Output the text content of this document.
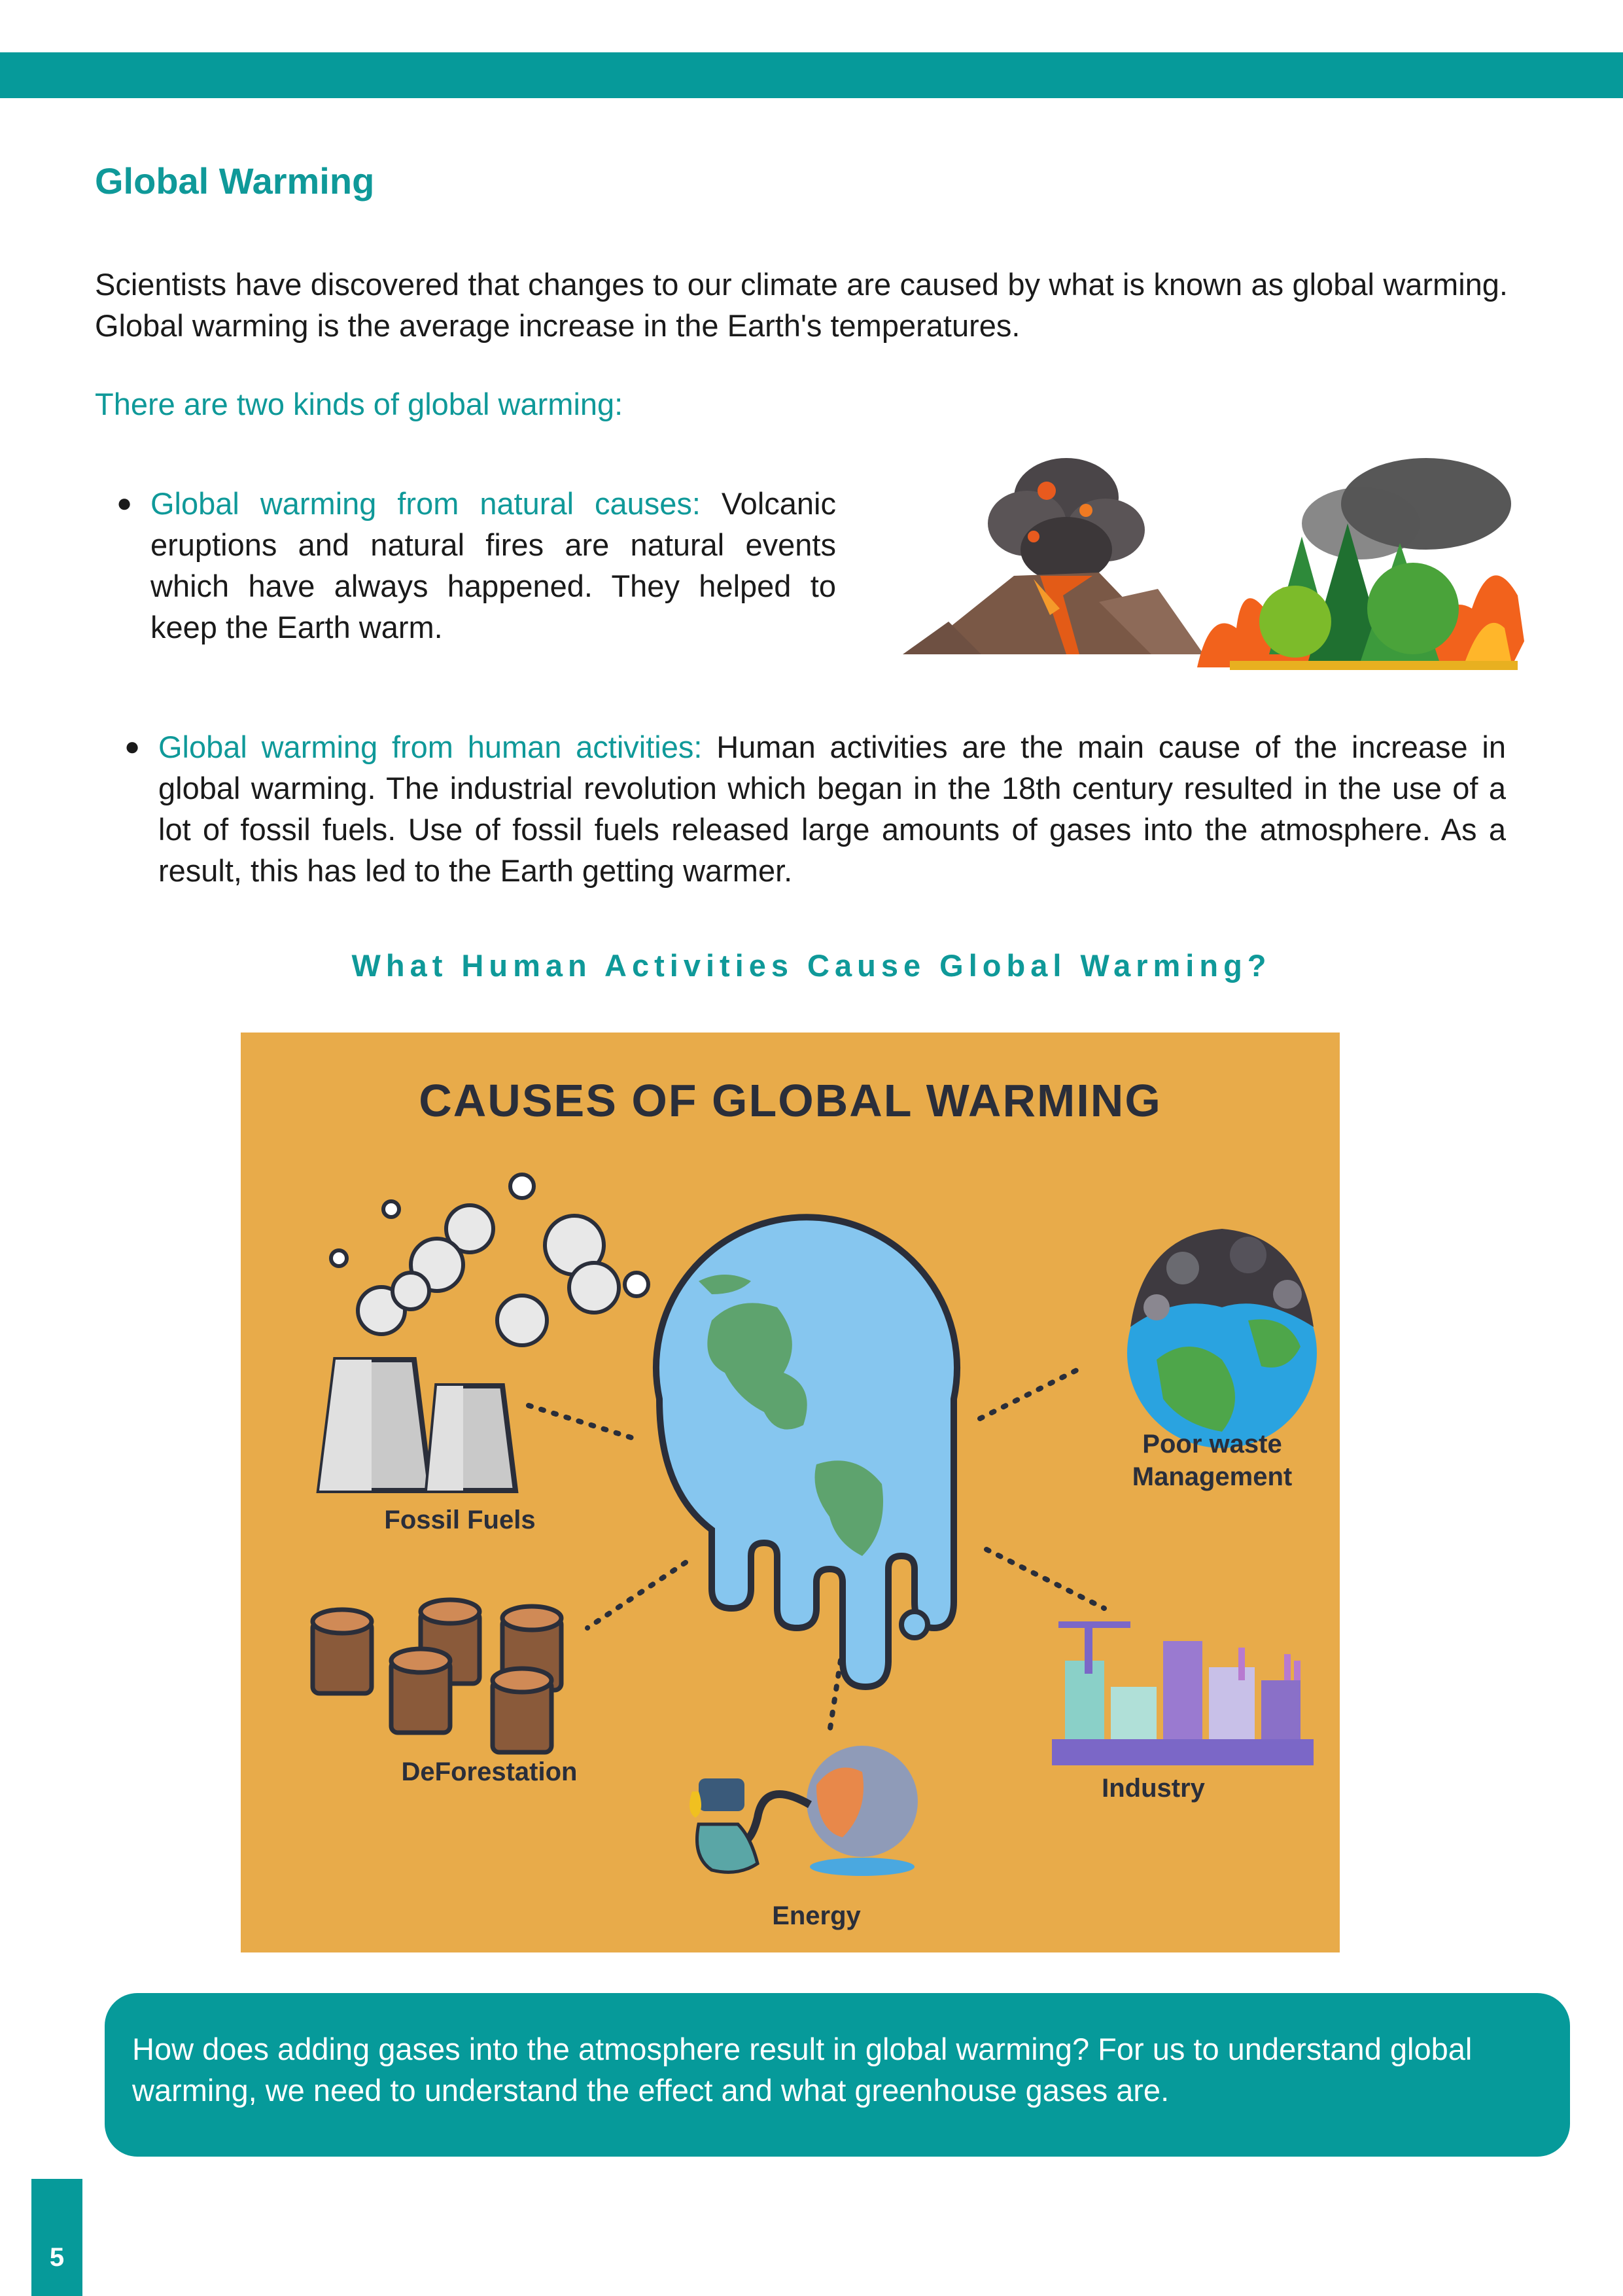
Global Warming

Scientists have discovered that changes to our climate are caused by what is known as global warming. Global warming is the average increase in the Earth's temperatures.

There are two kinds of global warming:

● Global warming from natural causes: Volcanic eruptions and natural fires are natural events which have always happened. They helped to keep the Earth warm.
● Global warming from human activities: Human activities are the main cause of the increase in global warming. The industrial revolution which began in the 18th century resulted in the use of a lot of fossil fuels. Use of fossil fuels released large amounts of gases into the atmosphere. As a result, this has led to the Earth getting warmer.
What Human Activities Cause Global Warming?
CAUSES OF GLOBAL WARMING
Fossil Fuels
Poor waste
Management
DeForestation
Industry
Energy

How does adding gases into the atmosphere result in global warming? For us to understand global warming, we need to understand the effect and what greenhouse gases are.

5
